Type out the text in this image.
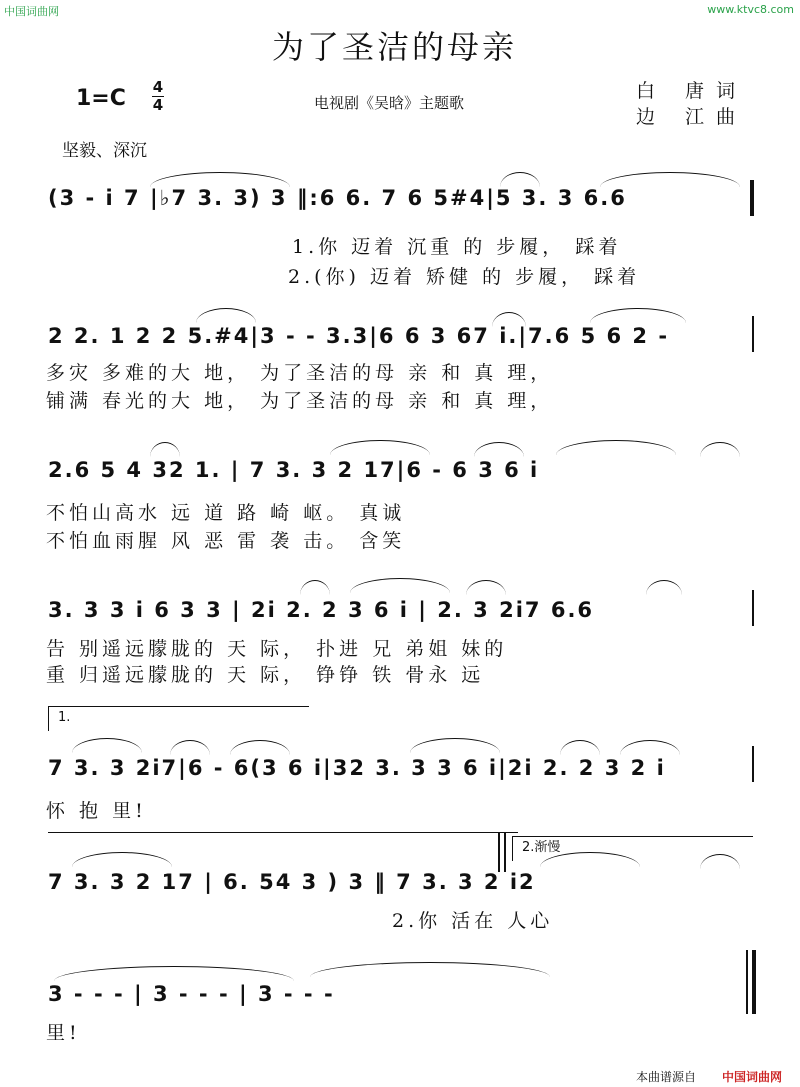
中国词曲网	www.ktvc8.com
为了圣洁的母亲
1=C 4
4	电视剧《吴晗》主题歌
白 唐词
边 江曲
坚毅、深沉
(3 - i 7 |♭7 3. 3) 3 ‖:6 6. 7 6 5#4|5 3. 3 6.6
1.你 迈着 沉重 的 步履， 踩着
2.(你) 迈着 矫健 的 步履， 踩着
2 2. 1 2 2 5.#4|3 - - 3.3|6 6 3 67 i.|7.6 5 6 2 -
多灾 多难的大 地， 为了圣洁的母 亲 和 真 理，
铺满 春光的大 地， 为了圣洁的母 亲 和 真 理，
2.6 5 4 32 1. | 7 3. 3 2 17|6 - 6 3 6 i
不怕山高水 远 道 路 崎 岖。 真诚
不怕血雨腥 风 恶 雷 袭 击。 含笑
3. 3 3 i 6 3 3 | 2i 2. 2 3 6 i | 2. 3 2i7 6.6
告 别遥远朦胧的 天 际， 扑进 兄 弟姐 妹的
重 归遥远朦胧的 天 际， 铮铮 铁 骨永 远
1.
7 3. 3 2i7|6 - 6(3 6 i|32 3. 3 3 6 i|2i 2. 2 3 2 i
怀 抱 里!
2.渐慢
7 3. 3 2 17 | 6. 54 3 ) 3 ‖ 7 3. 3 2 i2
2.你 活在 人心
3 - - - | 3 - - - | 3 - - -
里!
本曲谱源自 中国词曲网
